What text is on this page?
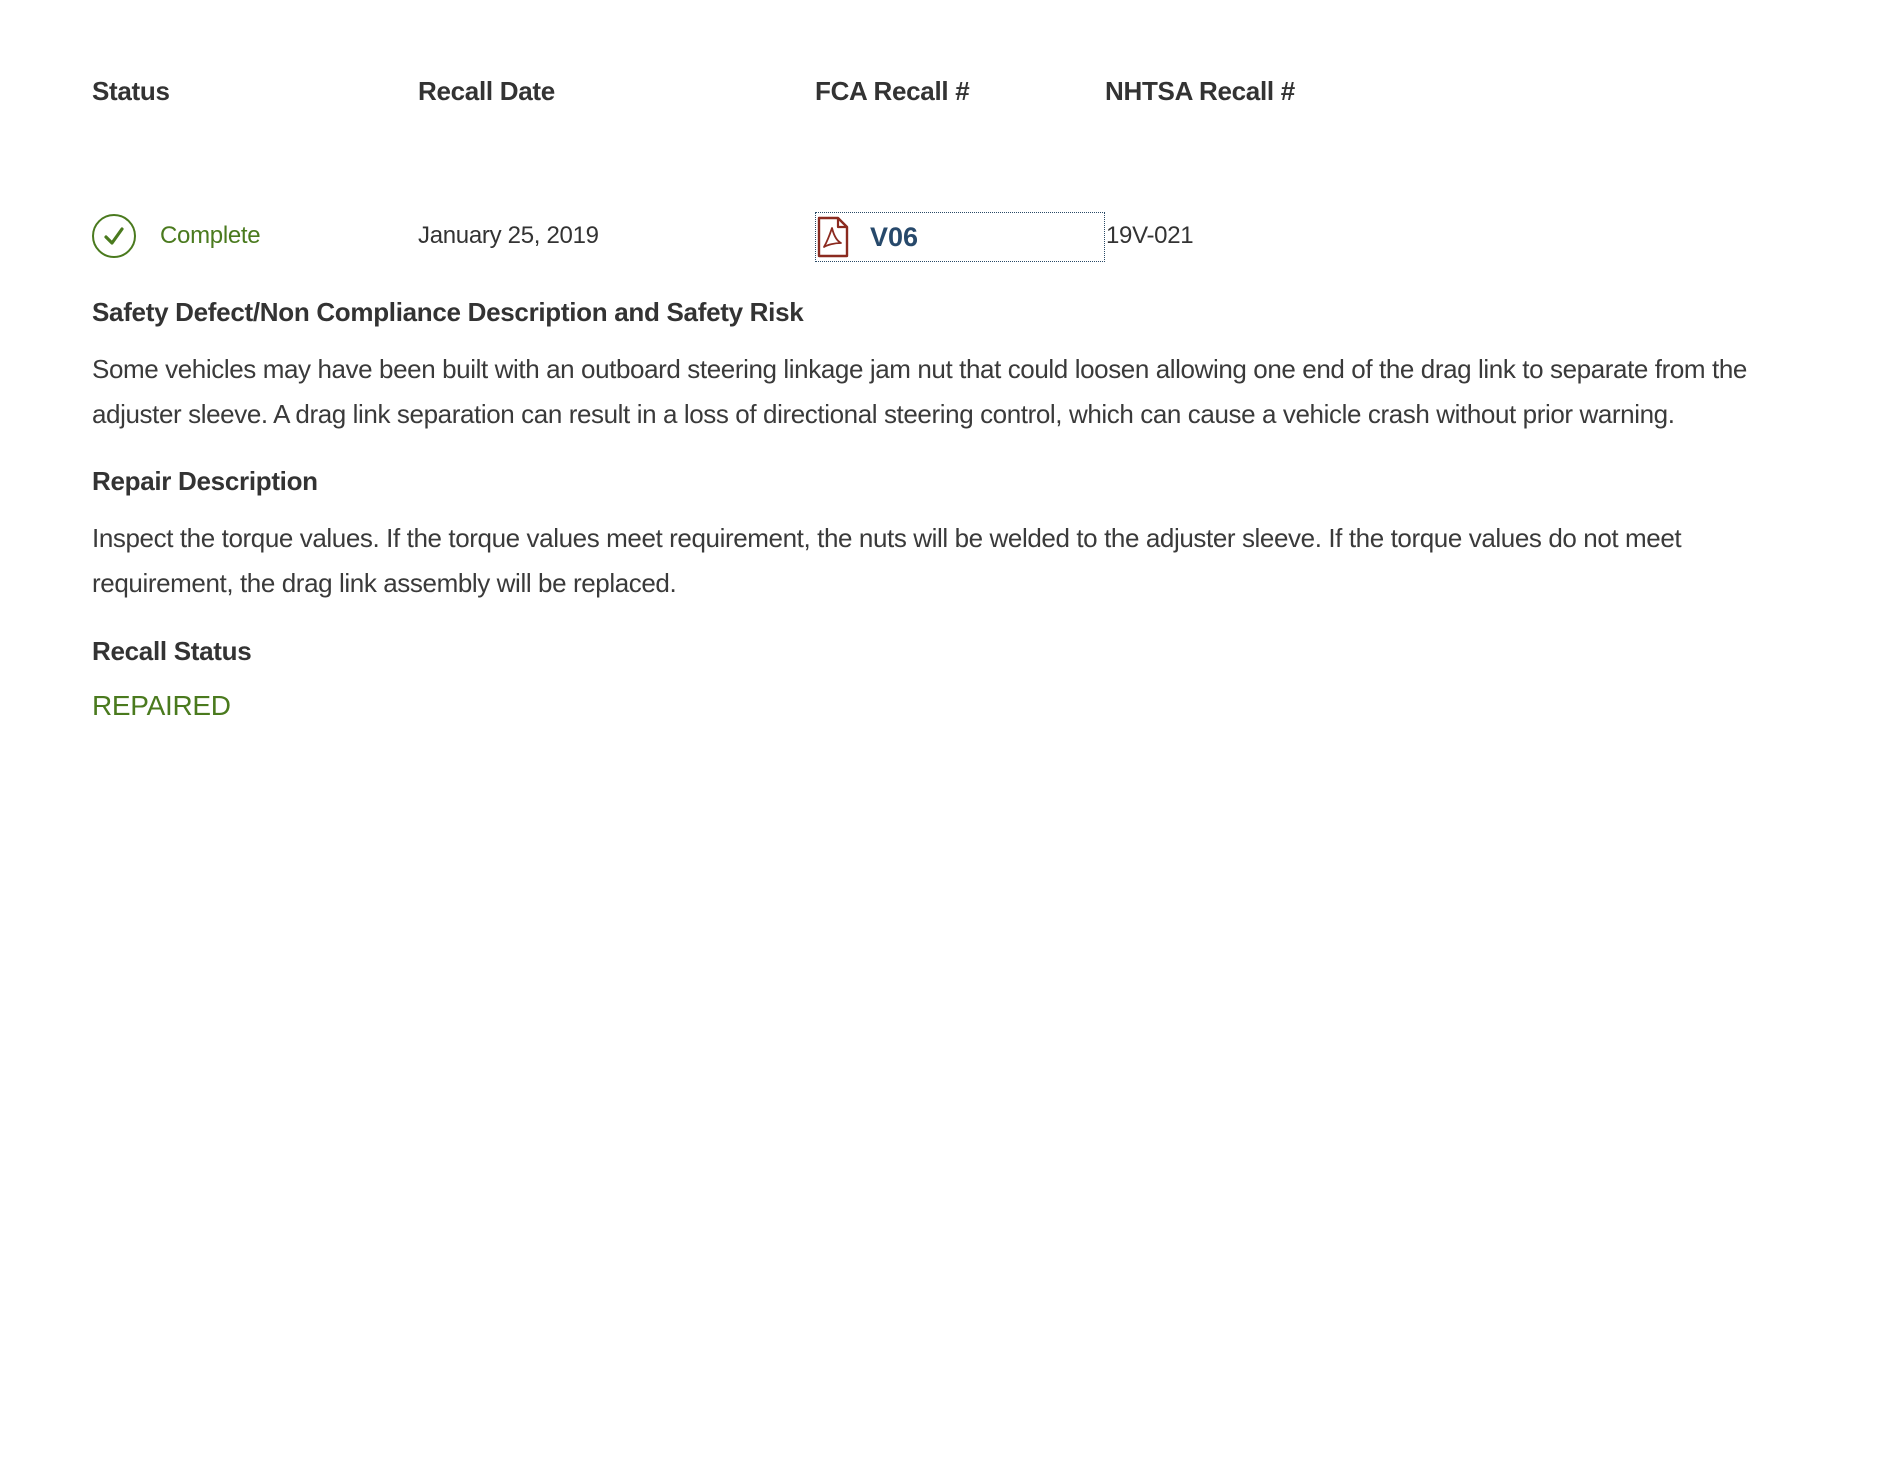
Status	Recall Date	FCA Recall #	NHTSA Recall #
Complete	January 25, 2019	V06	19V-021
Safety Defect/Non Compliance Description and Safety Risk

Some vehicles may have been built with an outboard steering linkage jam nut that could loosen allowing one end of the drag link to separate from the adjuster sleeve. A drag link separation can result in a loss of directional steering control, which can cause a vehicle crash without prior warning.

Repair Description

Inspect the torque values. If the torque values meet requirement, the nuts will be welded to the adjuster sleeve. If the torque values do not meet requirement, the drag link assembly will be replaced.

Recall Status
REPAIRED
